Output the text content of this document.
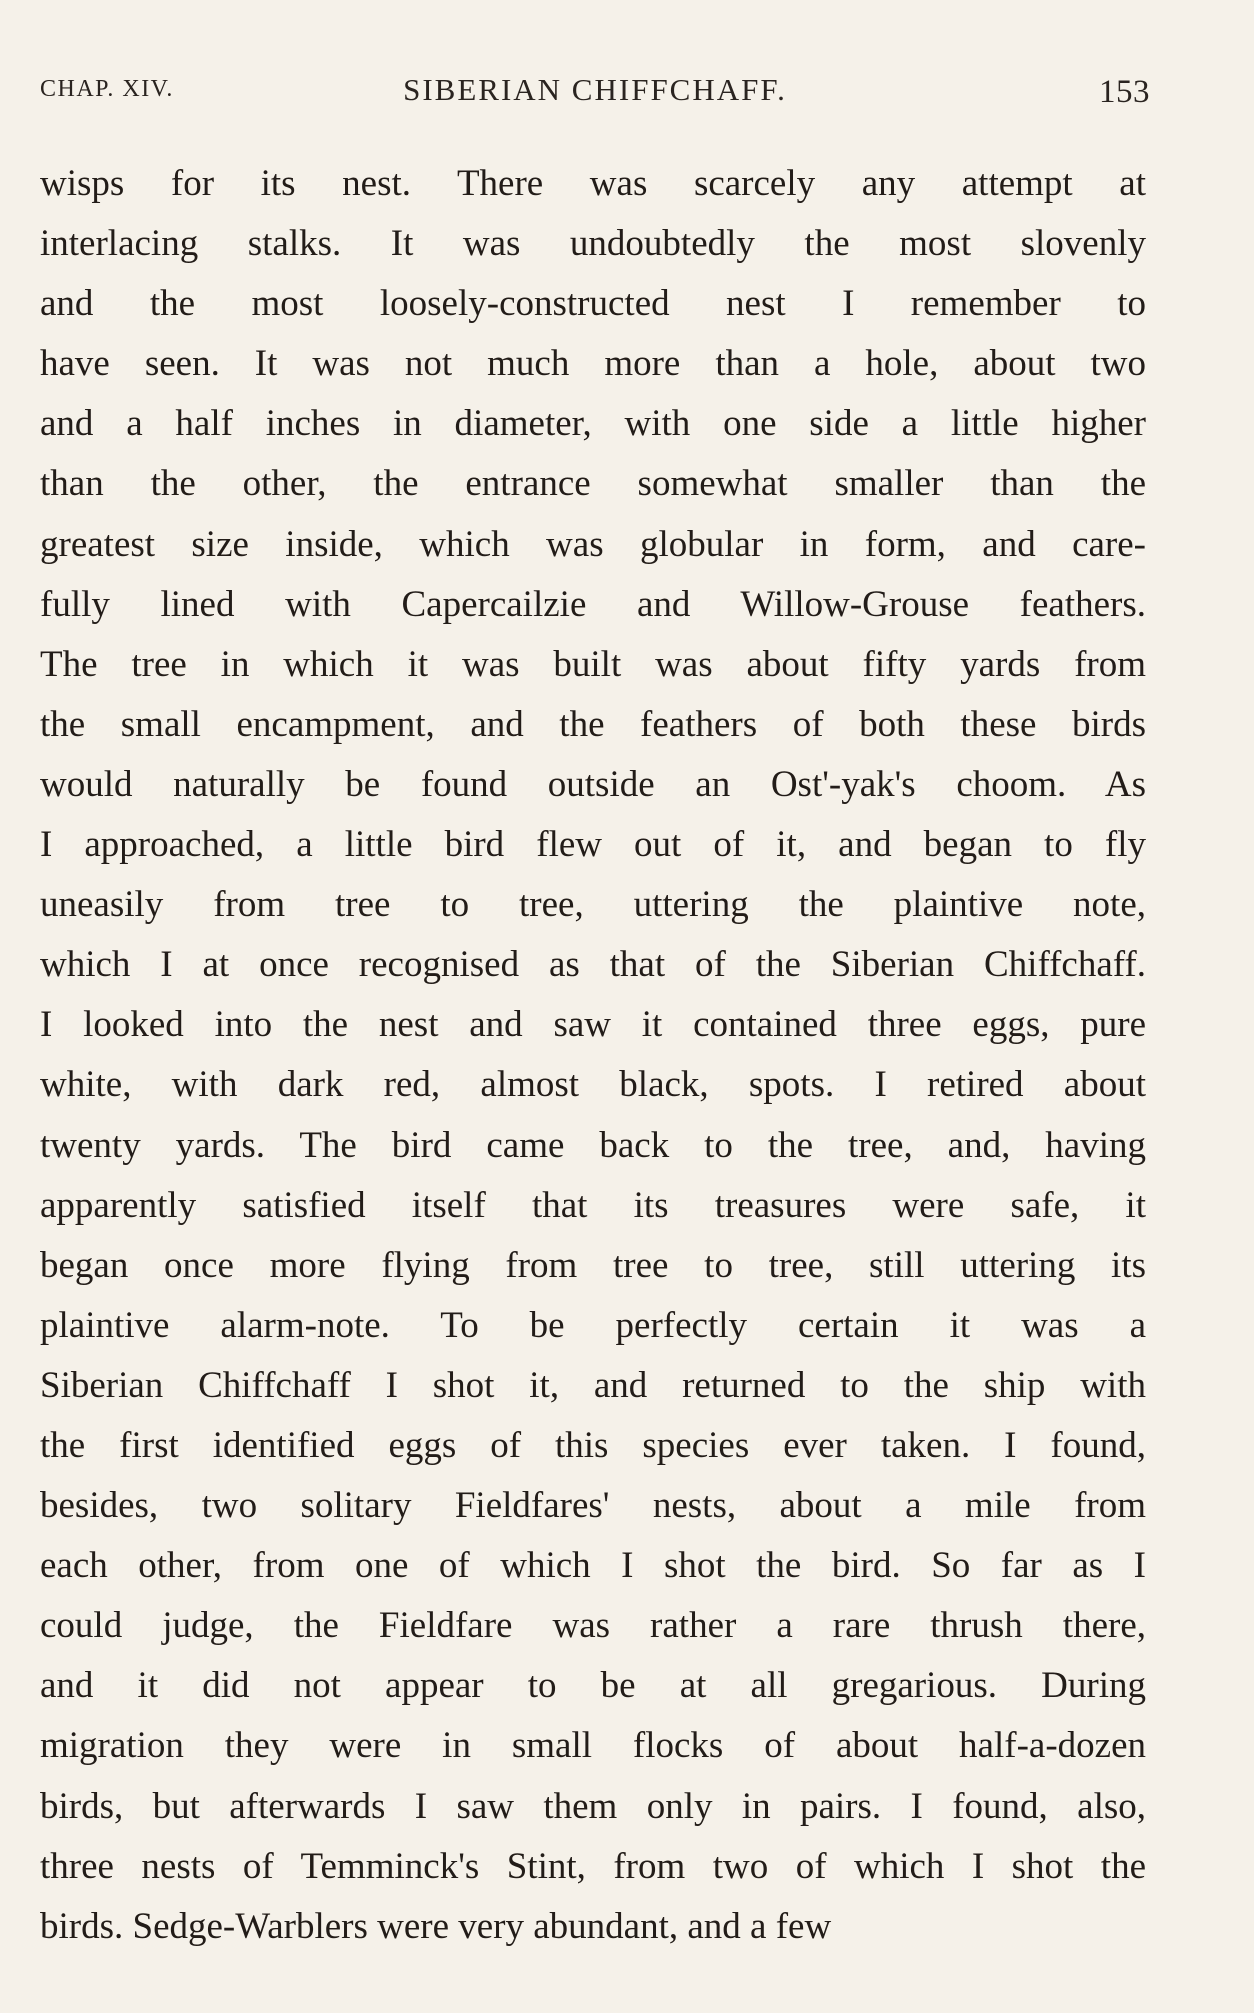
CHAP. XIV.	SIBERIAN CHIFFCHAFF.	153
wisps for its nest. There was scarcely any attempt at
interlacing stalks. It was undoubtedly the most slovenly
and the most loosely-constructed nest I remember to
have seen. It was not much more than a hole, about two
and a half inches in diameter, with one side a little higher
than the other, the entrance somewhat smaller than the
greatest size inside, which was globular in form, and care-
fully lined with Capercailzie and Willow-Grouse feathers.
The tree in which it was built was about fifty yards from
the small encampment, and the feathers of both these birds
would naturally be found outside an Ost'-yak's choom. As
I approached, a little bird flew out of it, and began to fly
uneasily from tree to tree, uttering the plaintive note,
which I at once recognised as that of the Siberian Chiffchaff.
I looked into the nest and saw it contained three eggs, pure
white, with dark red, almost black, spots. I retired about
twenty yards. The bird came back to the tree, and, having
apparently satisfied itself that its treasures were safe, it
began once more flying from tree to tree, still uttering its
plaintive alarm-note. To be perfectly certain it was a
Siberian Chiffchaff I shot it, and returned to the ship with
the first identified eggs of this species ever taken. I found,
besides, two solitary Fieldfares' nests, about a mile from
each other, from one of which I shot the bird. So far as I
could judge, the Fieldfare was rather a rare thrush there,
and it did not appear to be at all gregarious. During
migration they were in small flocks of about half-a-dozen
birds, but afterwards I saw them only in pairs. I found, also,
three nests of Temminck's Stint, from two of which I shot the
birds. Sedge-Warblers were very abundant, and a few
